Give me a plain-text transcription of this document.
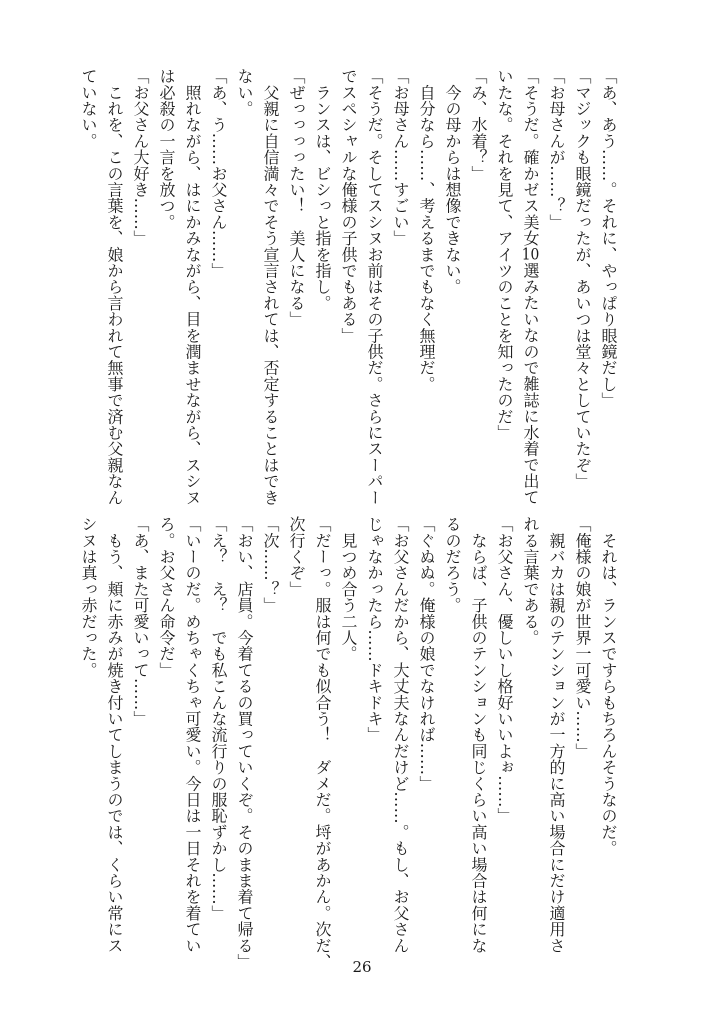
「あ、あう……。それに、やっぱり眼鏡だし」
「マジックも眼鏡だったが、あいつは堂々としていたぞ」
「お母さんが……？」
「そうだ。確かゼス美女10選みたいなので雑誌に水着で出て
いたな。それを見て、アイツのことを知ったのだ」
「み、水着？」
　今の母からは想像できない。
　自分なら……、考えるまでもなく無理だ。
「お母さん……すごい」
「そうだ。そしてスシヌお前はその子供だ。さらにスーパー
でスペシャルな俺様の子供でもある」
　ランスは、ビシっと指を指し。
「ぜっっっったい！　美人になる」
　父親に自信満々でそう宣言されては、否定することはでき
ない。
「あ、う……お父さん……」
　照れながら、はにかみながら、目を潤ませながら、スシヌ
は必殺の一言を放つ。
「お父さん大好き……」
　これを、この言葉を、娘から言われて無事で済む父親なん
ていない。
　それは、ランスですらもちろんそうなのだ。
「俺様の娘が世界一可愛い……」
　親バカは親のテンションが一方的に高い場合にだけ適用さ
れる言葉である。
「お父さん、優しいし格好いいよぉ……」
　ならば、子供のテンションも同じくらい高い場合は何にな
るのだろう。
「ぐぬぬ。俺様の娘でなければ……」
「お父さんだから、大丈夫なんだけど……。もし、お父さん
じゃなかったら……ドキドキ」
　見つめ合う二人。
「だーっ。服は何でも似合う！　ダメだ。埒があかん。次だ、
次行くぞ」
「次……？」
「おい、店員。今着てるの買っていくぞ。そのまま着て帰る」
「え？　え？　でも私こんな流行りの服恥ずかし……」
「いーのだ。めちゃくちゃ可愛い。今日は一日それを着てい
ろ。お父さん命令だ」
「あ、また可愛いって……」
　もう、頬に赤みが焼き付いてしまうのでは、くらい常にス
シヌは真っ赤だった。
26
